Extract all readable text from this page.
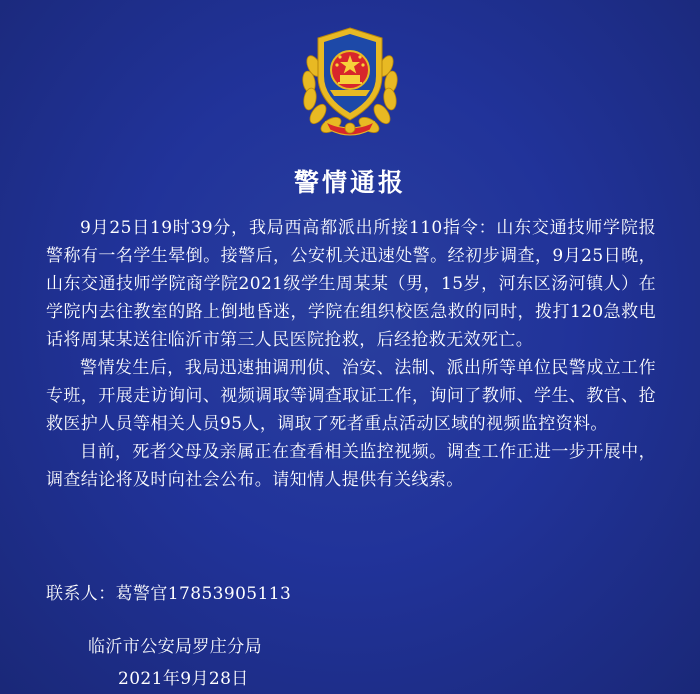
警情通报

9月25日19时39分，我局西高都派出所接110指令：山东交通技师学院报警称有一名学生晕倒。接警后，公安机关迅速处警。经初步调查，9月25日晚，山东交通技师学院商学院2021级学生周某某（男，15岁，河东区汤河镇人）在学院内去往教室的路上倒地昏迷，学院在组织校医急救的同时，拨打120急救电话将周某某送往临沂市第三人民医院抢救，后经抢救无效死亡。

警情发生后，我局迅速抽调刑侦、治安、法制、派出所等单位民警成立工作专班，开展走访询问、视频调取等调查取证工作，询问了教师、学生、教官、抢救医护人员等相关人员95人，调取了死者重点活动区域的视频监控资料。

目前，死者父母及亲属正在查看相关监控视频。调查工作正进一步开展中，调查结论将及时向社会公布。请知情人提供有关线索。

联系人：葛警官17853905113
临沂市公安局罗庄分局
2021年9月28日
